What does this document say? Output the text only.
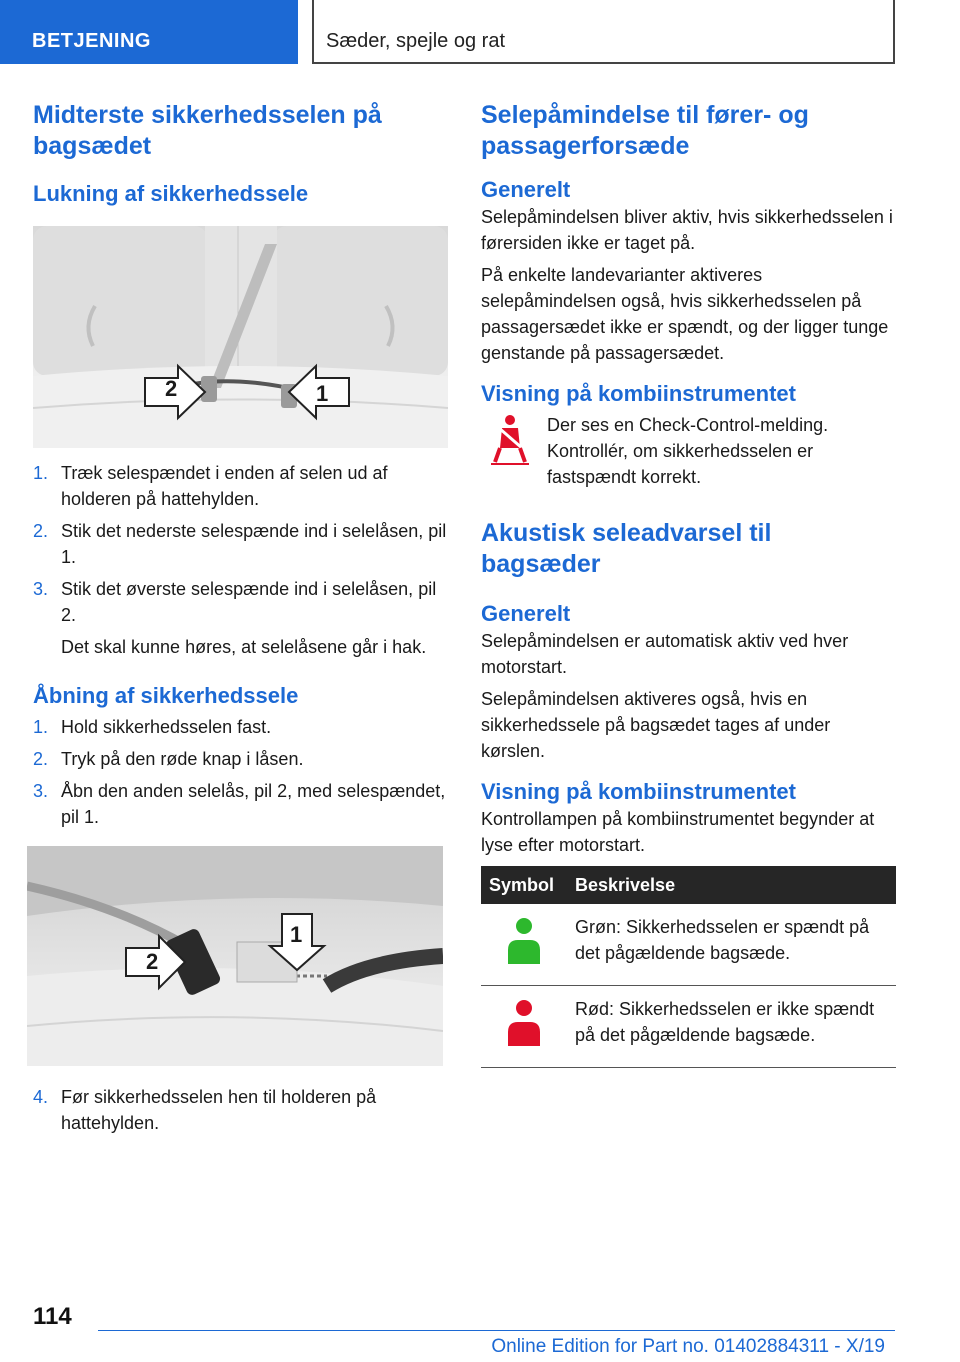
BETJENING	Sæder, spejle og rat
Midterste sikkerhedsselen på bagsædet
Lukning af sikkerhedssele
2	1
1. Træk selespændet i enden af selen ud af holderen på hattehylden.
2. Stik det nederste selespænde ind i selelåsen, pil 1.
3. Stik det øverste selespænde ind i selelåsen, pil 2.
Det skal kunne høres, at selelåsene går i hak.
Åbning af sikkerhedssele
1. Hold sikkerhedsselen fast.
2. Tryk på den røde knap i låsen.
3. Åbn den anden selelås, pil 2, med selespændet, pil 1.
1
2
4. Før sikkerhedsselen hen til holderen på hattehylden.
Selepåmindelse til fører- og passagerforsæde
Generelt

Selepåmindelsen bliver aktiv, hvis sikkerhedsselen i førersiden ikke er taget på.

På enkelte landevarianter aktiveres selepåmindelsen også, hvis sikkerhedsselen på passagersædet ikke er spændt, og der ligger tunge genstande på passagersædet.

Visning på kombiinstrumentet

Der ses en Check-Control-melding. Kontrollér, om sikkerhedsselen er fastspændt korrekt.

Akustisk seleadvarsel til bagsæder
Generelt

Selepåmindelsen er automatisk aktiv ved hver motorstart.

Selepåmindelsen aktiveres også, hvis en sikkerhedssele på bagsædet tages af under kørslen.

Visning på kombiinstrumentet

Kontrollampen på kombiinstrumentet begynder at lyse efter motorstart.

Symbol	Beskrivelse
	Grøn: Sikkerhedsselen er spændt på det pågældende bagsæde.
	Rød: Sikkerhedsselen er ikke spændt på det pågældende bagsæde.
114
Online Edition for Part no. 01402884311 - X/19
